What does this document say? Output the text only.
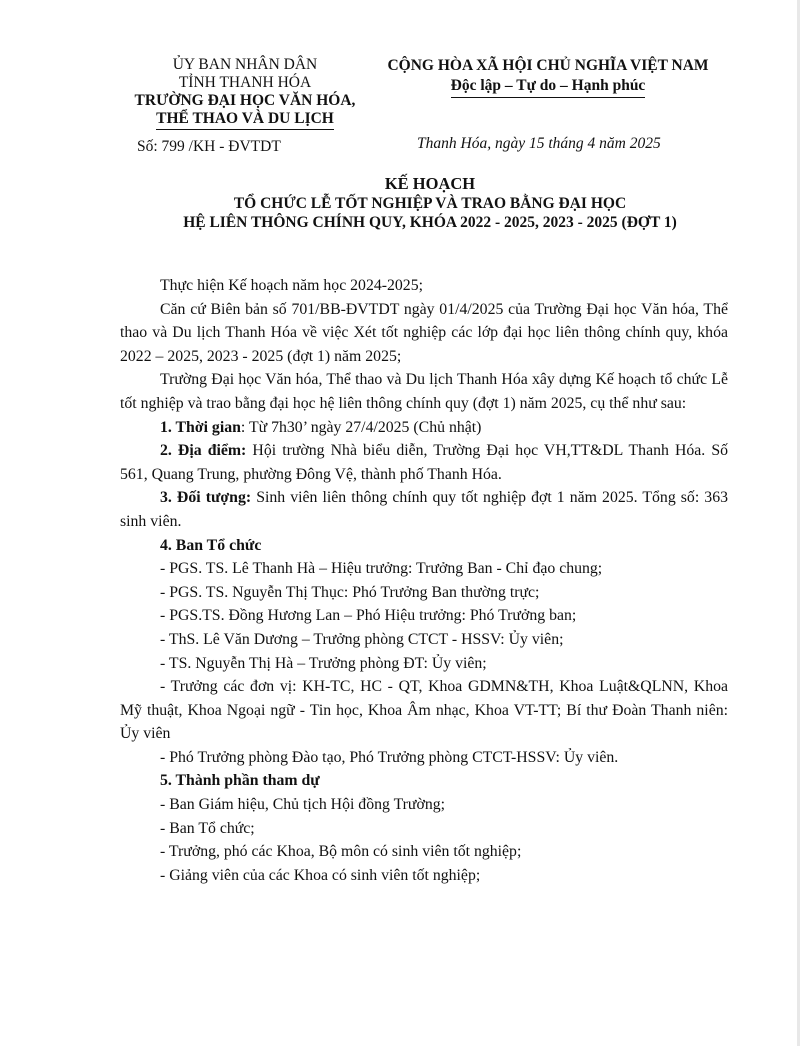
ỦY BAN NHÂN DÂN
TỈNH THANH HÓA
TRƯỜNG ĐẠI HỌC VĂN HÓA,
THỂ THAO VÀ DU LỊCH
Số: 799 /KH - ĐVTDT
CỘNG HÒA XÃ HỘI CHỦ NGHĨA VIỆT NAM
Độc lập – Tự do – Hạnh phúc
Thanh Hóa, ngày 15 tháng 4 năm 2025
KẾ HOẠCH
TỔ CHỨC LỄ TỐT NGHIỆP VÀ TRAO BẰNG ĐẠI HỌC
HỆ LIÊN THÔNG CHÍNH QUY, KHÓA 2022 - 2025, 2023 - 2025 (ĐỢT 1)

Thực hiện Kế hoạch năm học 2024-2025;

Căn cứ Biên bản số 701/BB-ĐVTDT ngày 01/4/2025 của Trường Đại học Văn hóa, Thể thao và Du lịch Thanh Hóa về việc Xét tốt nghiệp các lớp đại học liên thông chính quy, khóa 2022 – 2025, 2023 - 2025 (đợt 1) năm 2025;

Trường Đại học Văn hóa, Thể thao và Du lịch Thanh Hóa xây dựng Kế hoạch tổ chức Lễ tốt nghiệp và trao bằng đại học hệ liên thông chính quy (đợt 1) năm 2025, cụ thể như sau:

1. Thời gian: Từ 7h30’ ngày 27/4/2025 (Chủ nhật)

2. Địa điểm: Hội trường Nhà biểu diễn, Trường Đại học VH,TT&DL Thanh Hóa. Số 561, Quang Trung, phường Đông Vệ, thành phố Thanh Hóa.

3. Đối tượng: Sinh viên liên thông chính quy tốt nghiệp đợt 1 năm 2025. Tổng số: 363 sinh viên.

4. Ban Tổ chức

- PGS. TS. Lê Thanh Hà – Hiệu trưởng: Trưởng Ban - Chỉ đạo chung;

- PGS. TS. Nguyễn Thị Thục: Phó Trưởng Ban thường trực;

- PGS.TS. Đồng Hương Lan – Phó Hiệu trưởng: Phó Trưởng ban;

- ThS. Lê Văn Dương – Trưởng phòng CTCT - HSSV: Ủy viên;

- TS. Nguyễn Thị Hà – Trưởng phòng ĐT: Ủy viên;

- Trưởng các đơn vị: KH-TC, HC - QT, Khoa GDMN&TH, Khoa Luật&QLNN, Khoa Mỹ thuật, Khoa Ngoại ngữ - Tin học, Khoa Âm nhạc, Khoa VT-TT; Bí thư Đoàn Thanh niên: Ủy viên

- Phó Trưởng phòng Đào tạo, Phó Trưởng phòng CTCT-HSSV: Ủy viên.

5. Thành phần tham dự

- Ban Giám hiệu, Chủ tịch Hội đồng Trường;

- Ban Tổ chức;

- Trưởng, phó các Khoa, Bộ môn có sinh viên tốt nghiệp;

- Giảng viên của các Khoa có sinh viên tốt nghiệp;
